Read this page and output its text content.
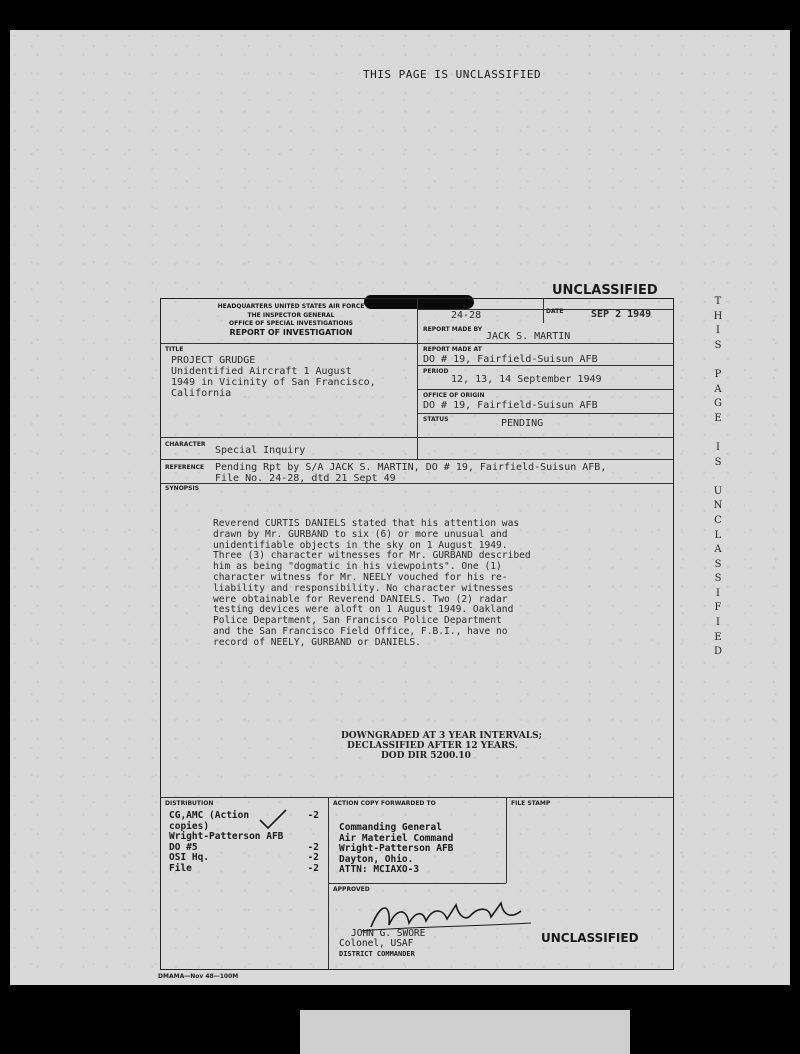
THIS PAGE IS UNCLASSIFIED
UNCLASSIFIED
T
H
I
S

P
A
G
E

I
S

U
N
C
L
A
S
S
I
F
I
E
D
HEADQUARTERS UNITED STATES AIR FORCE
THE INSPECTOR GENERAL
OFFICE OF SPECIAL INVESTIGATIONS
REPORT OF INVESTIGATION
24-28	DATE	SEP 2 1949
REPORT MADE BY
JACK S. MARTIN
TITLE
PROJECT GRUDGE
Unidentified Aircraft 1 August
1949 in Vicinity of San Francisco,
California
REPORT MADE AT
DO # 19, Fairfield-Suisun AFB
PERIOD
12, 13, 14 September 1949
OFFICE OF ORIGIN
DO # 19, Fairfield-Suisun AFB
STATUS	PENDING
CHARACTER
Special Inquiry
REFERENCE Pending Rpt by S/A JACK S. MARTIN, DO # 19, Fairfield-Suisun AFB,
File No. 24-28, dtd 21 Sept 49
SYNOPSIS
Reverend CURTIS DANIELS stated that his attention was
drawn by Mr. GURBAND to six (6) or more unusual and
unidentifiable objects in the sky on 1 August 1949.
Three (3) character witnesses for Mr. GURBAND described
him as being "dogmatic in his viewpoints". One (1)
character witness for Mr. NEELY vouched for his re-
liability and responsibility. No character witnesses
were obtainable for Reverend DANIELS. Two (2) radar
testing devices were aloft on 1 August 1949. Oakland
Police Department, San Francisco Police Department
and the San Francisco Field Office, F.B.I., have no
record of NEELY, GURBAND or DANIELS.
DOWNGRADED AT 3 YEAR INTERVALS;
DECLASSIFIED AFTER 12 YEARS.
DOD DIR 5200.10
DISTRIBUTION
CG,AMC (Action	-2
copies)
Wright-Patterson AFB
DO #5	-2
OSI Hq.	-2
File	-2
ACTION COPY FORWARDED TO
Commanding General
Air Materiel Command
Wright-Patterson AFB
Dayton, Ohio.
ATTN: MCIAXO-3
FILE STAMP
APPROVED
JOHN G. SWORE
Colonel, USAF
DISTRICT COMMANDER
UNCLASSIFIED
DMAMA—Nov 48—100M
